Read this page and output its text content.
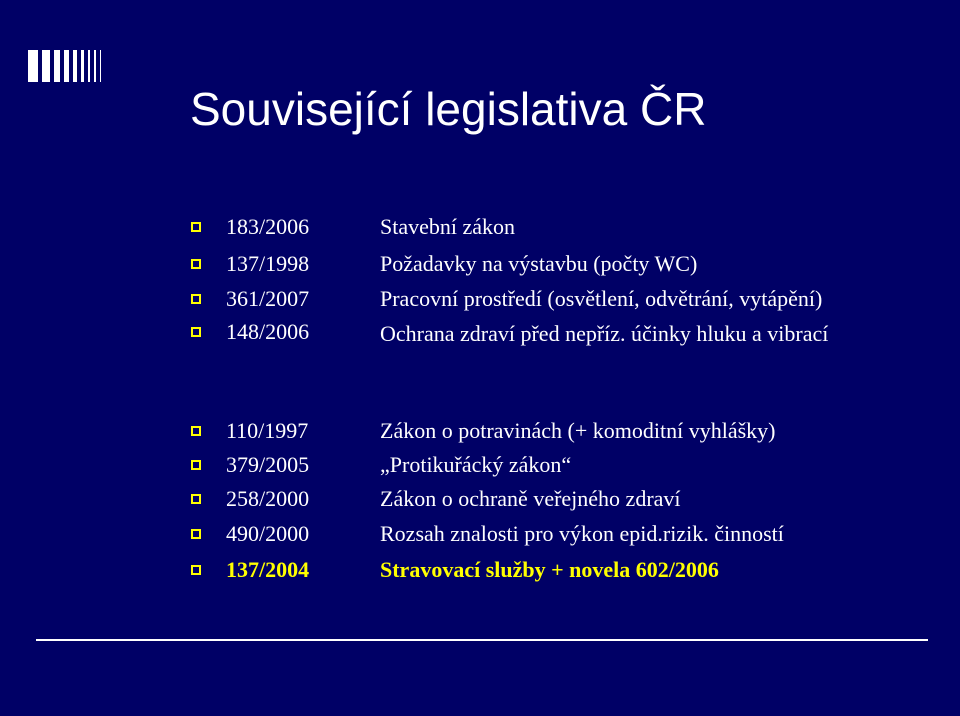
Související legislativa ČR
183/2006	Stavební zákon
137/1998	Požadavky na výstavbu (počty WC)
361/2007	Pracovní prostředí (osvětlení, odvětrání, vytápění)
148/2006	Ochrana zdraví před nepříz. účinky hluku a vibrací
110/1997	Zákon o potravinách (+ komoditní vyhlášky)
379/2005	„Protikuřácký zákon“
258/2000	Zákon o ochraně veřejného zdraví
490/2000	Rozsah znalosti pro výkon epid.rizik. činností
137/2004	Stravovací služby + novela 602/2006
